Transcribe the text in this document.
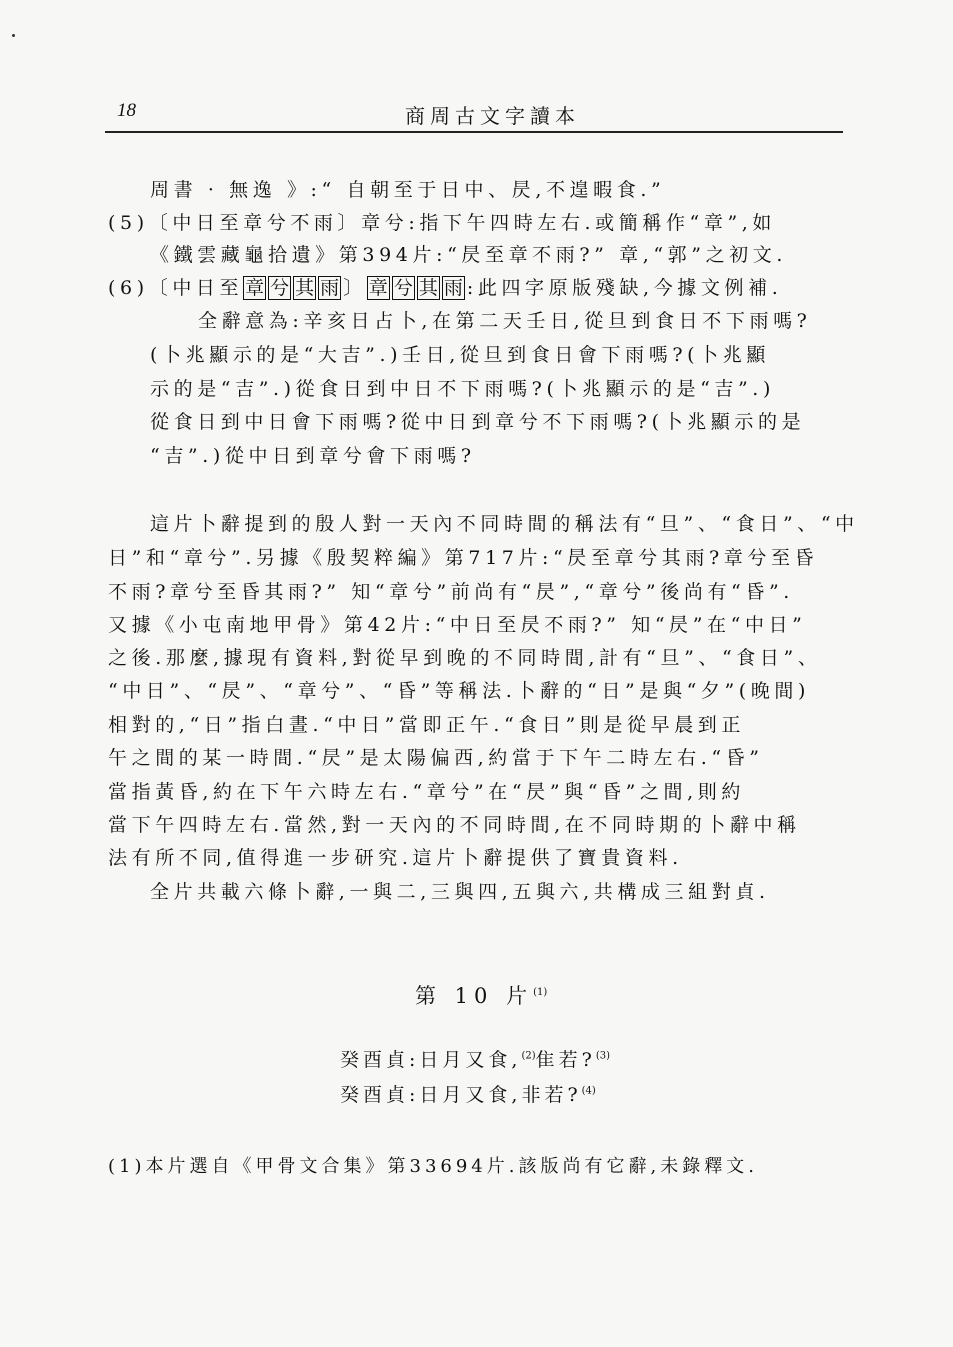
18	商周古文字讀本
周書 · 無逸 》:“ 自朝至于日中、昃,不遑暇食.”
(5)〔中日至章兮不雨〕章兮:指下午四時左右.或簡稱作“章”,如
《鐵雲藏龜拾遺》第394片:“昃至章不雨?” 章,“郭”之初文.
(6)〔中日至 章 兮 其 雨 〕 章 兮 其 雨 :此四字原版殘缺,今據文例補.
全辭意為:辛亥日占卜,在第二天壬日,從旦到食日不下雨嗎?
(卜兆顯示的是“大吉”.)壬日,從旦到食日會下雨嗎?(卜兆顯
示的是“吉”.)從食日到中日不下雨嗎?(卜兆顯示的是“吉”.)
從食日到中日會下雨嗎?從中日到章兮不下雨嗎?(卜兆顯示的是
“吉”.)從中日到章兮會下雨嗎?
這片卜辭提到的殷人對一天內不同時間的稱法有“旦”、“食日”、“中
日”和“章兮”.另據《殷契粹編》第717片:“昃至章兮其雨?章兮至昏
不雨?章兮至昏其雨?” 知“章兮”前尚有“昃”,“章兮”後尚有“昏”.
又據《小屯南地甲骨》第42片:“中日至昃不雨?” 知“昃”在“中日”
之後.那麼,據現有資料,對從早到晚的不同時間,計有“旦”、“食日”、
“中日”、“昃”、“章兮”、“昏”等稱法.卜辭的“日”是與“夕”(晚間)
相對的,“日”指白晝.“中日”當即正午.“食日”則是從早晨到正
午之間的某一時間.“昃”是太陽偏西,約當于下午二時左右.“昏”
當指黃昏,約在下午六時左右.“章兮”在“昃”與“昏”之間,則約
當下午四時左右.當然,對一天內的不同時間,在不同時期的卜辭中稱
法有所不同,值得進一步研究.這片卜辭提供了寶貴資料.
全片共載六條卜辭,一與二,三與四,五與六,共構成三組對貞.
第 10 片$^{(1)}$
癸酉貞:日月又食,$^{(2)}$隹若?$^{(3)}$
癸酉貞:日月又食,非若?$^{(4)}$
(1)本片選自《甲骨文合集》第33694片.該版尚有它辭,未錄釋文.
